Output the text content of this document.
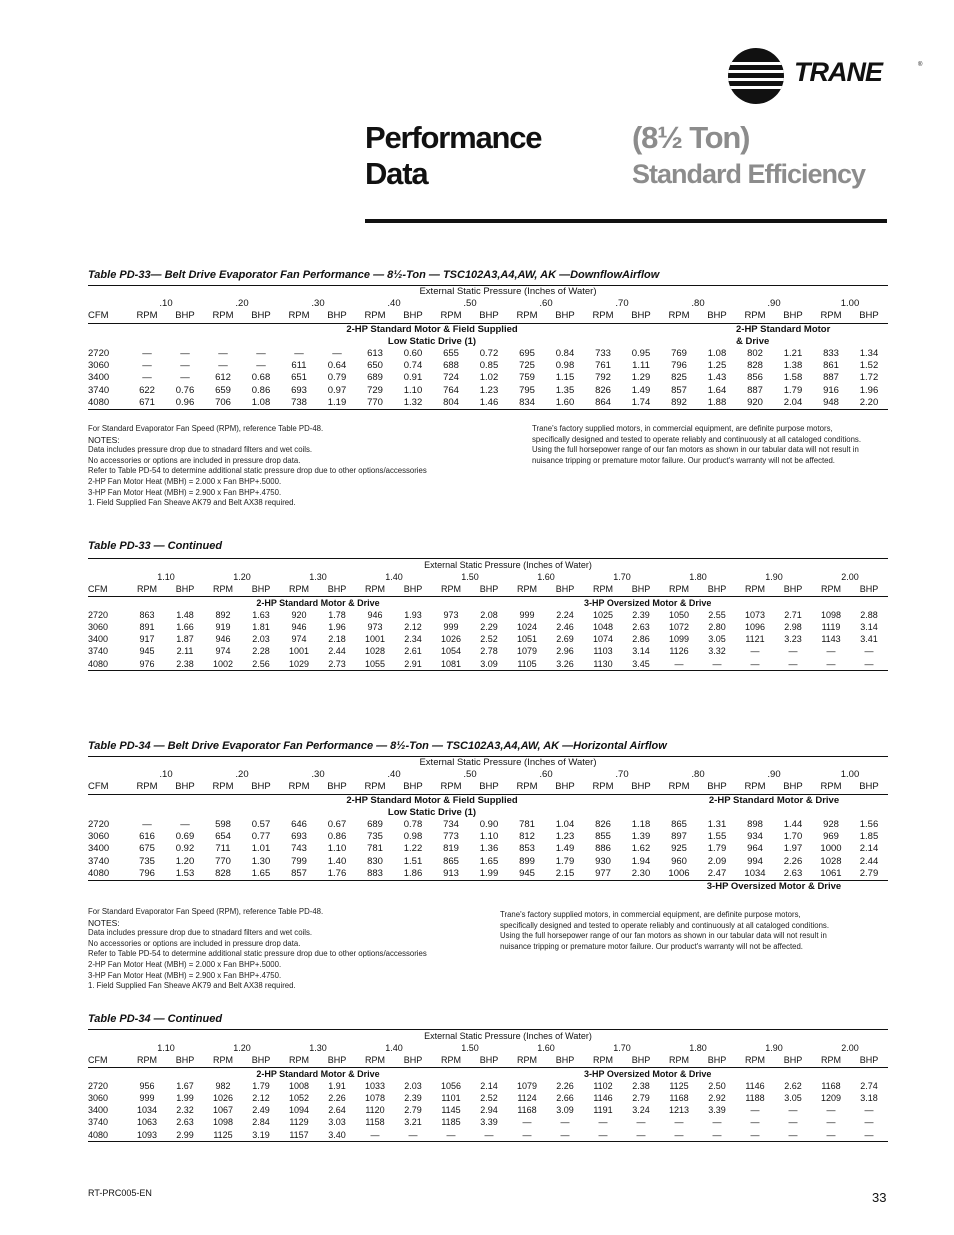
TRANE	®
Performance
Data
(8½ Ton)
Standard Efficiency
Table PD-33— Belt Drive Evaporator Fan Performance — 8½-Ton — TSC102A3,A4,AW, AK —DownflowAirflow
	External Static Pressure (Inches of Water)																			
	.10		.20		.30		.40		.50		.60		.70		.80		.90		1.00	
CFM	RPM	BHP	RPM	BHP	RPM	BHP	RPM	BHP	RPM	BHP	RPM	BHP	RPM	BHP	RPM	BHP	RPM	BHP	RPM	BHP
					2-HP Standard Motor & Field Supplied												2-HP Standard Motor			
					Low Static Drive (1)												& Drive			
2720	—	—	—	—	—	—	613	0.60	655	0.72	695	0.84	733	0.95	769	1.08	802	1.21	833	1.34
3060	—	—	—	—	611	0.64	650	0.74	688	0.85	725	0.98	761	1.11	796	1.25	828	1.38	861	1.52
3400	—	—	612	0.68	651	0.79	689	0.91	724	1.02	759	1.15	792	1.29	825	1.43	856	1.58	887	1.72
3740	622	0.76	659	0.86	693	0.97	729	1.10	764	1.23	795	1.35	826	1.49	857	1.64	887	1.79	916	1.96
4080	671	0.96	706	1.08	738	1.19	770	1.32	804	1.46	834	1.60	864	1.74	892	1.88	920	2.04	948	2.20
For Standard Evaporator Fan Speed (RPM), reference Table PD-48.
NOTES:
Data includes pressure drop due to stnadard filters and wet coils.
No accessories or options are included in pressure drop data.
Refer to Table PD-54 to determine additional static pressure drop due to other options/accessories
2-HP Fan Motor Heat (MBH) = 2.000 x Fan BHP+.5000.
3-HP Fan Motor Heat (MBH) = 2.900 x Fan BHP+.4750.
1. Field Supplied Fan Sheave AK79 and Belt AX38 required.
Trane's factory supplied motors, in commercial equipment, are definite purpose motors, specifically designed and tested to operate reliably and continuously at all cataloged conditions. Using the full horsepower range of our fan motors as shown in our tabular data will not result in nuisance tripping or premature motor failure. Our product's warranty will not be affected.
Table PD-33 — Continued
	External Static Pressure (Inches of Water)																			
	1.10		1.20		1.30		1.40		1.50		1.60		1.70		1.80		1.90		2.00	
CFM	RPM	BHP	RPM	BHP	RPM	BHP	RPM	BHP	RPM	BHP	RPM	BHP	RPM	BHP	RPM	BHP	RPM	BHP	RPM	BHP
	2-HP Standard Motor & Drive												3-HP Oversized Motor & Drive							
2720	863	1.48	892	1.63	920	1.78	946	1.93	973	2.08	999	2.24	1025	2.39	1050	2.55	1073	2.71	1098	2.88
3060	891	1.66	919	1.81	946	1.96	973	2.12	999	2.29	1024	2.46	1048	2.63	1072	2.80	1096	2.98	1119	3.14
3400	917	1.87	946	2.03	974	2.18	1001	2.34	1026	2.52	1051	2.69	1074	2.86	1099	3.05	1121	3.23	1143	3.41
3740	945	2.11	974	2.28	1001	2.44	1028	2.61	1054	2.78	1079	2.96	1103	3.14	1126	3.32	—	—	—	—
4080	976	2.38	1002	2.56	1029	2.73	1055	2.91	1081	3.09	1105	3.26	1130	3.45	—	—	—	—	—	—
Table PD-34 — Belt Drive Evaporator Fan Performance — 8½-Ton — TSC102A3,A4,AW, AK —Horizontal Airflow
	External Static Pressure (Inches of Water)																			
	.10		.20		.30		.40		.50		.60		.70		.80		.90		1.00	
CFM	RPM	BHP	RPM	BHP	RPM	BHP	RPM	BHP	RPM	BHP	RPM	BHP	RPM	BHP	RPM	BHP	RPM	BHP	RPM	BHP
					2-HP Standard Motor & Field Supplied										2-HP Standard Motor & Drive					
					Low Static Drive (1)															
2720	—	—	598	0.57	646	0.67	689	0.78	734	0.90	781	1.04	826	1.18	865	1.31	898	1.44	928	1.56
3060	616	0.69	654	0.77	693	0.86	735	0.98	773	1.10	812	1.23	855	1.39	897	1.55	934	1.70	969	1.85
3400	675	0.92	711	1.01	743	1.10	781	1.22	819	1.36	853	1.49	886	1.62	925	1.79	964	1.97	1000	2.14
3740	735	1.20	770	1.30	799	1.40	830	1.51	865	1.65	899	1.79	930	1.94	960	2.09	994	2.26	1028	2.44
4080	796	1.53	828	1.65	857	1.76	883	1.86	913	1.99	945	2.15	977	2.30	1006	2.47	1034	2.63	1061	2.79
															3-HP Oversized Motor & Drive					
For Standard Evaporator Fan Speed (RPM), reference Table PD-48.
NOTES:
Data includes pressure drop due to stnadard filters and wet coils.
No accessories or options are included in pressure drop data.
Refer to Table PD-54 to determine additional static pressure drop due to other options/accessories
2-HP Fan Motor Heat (MBH) = 2.000 x Fan BHP+.5000.
3-HP Fan Motor Heat (MBH) = 2.900 x Fan BHP+.4750.
1. Field Supplied Fan Sheave AK79 and Belt AX38 required.
Trane's factory supplied motors, in commercial equipment, are definite purpose motors, specifically designed and tested to operate reliably and continuously at all cataloged conditions. Using the full horsepower range of our fan motors as shown in our tabular data will not result in nuisance tripping or premature motor failure. Our product's warranty will not be affected.
Table PD-34 — Continued
	External Static Pressure (Inches of Water)																			
	1.10		1.20		1.30		1.40		1.50		1.60		1.70		1.80		1.90		2.00	
CFM	RPM	BHP	RPM	BHP	RPM	BHP	RPM	BHP	RPM	BHP	RPM	BHP	RPM	BHP	RPM	BHP	RPM	BHP	RPM	BHP
	2-HP Standard Motor & Drive												3-HP Oversized Motor & Drive							
2720	956	1.67	982	1.79	1008	1.91	1033	2.03	1056	2.14	1079	2.26	1102	2.38	1125	2.50	1146	2.62	1168	2.74
3060	999	1.99	1026	2.12	1052	2.26	1078	2.39	1101	2.52	1124	2.66	1146	2.79	1168	2.92	1188	3.05	1209	3.18
3400	1034	2.32	1067	2.49	1094	2.64	1120	2.79	1145	2.94	1168	3.09	1191	3.24	1213	3.39	—	—	—	—
3740	1063	2.63	1098	2.84	1129	3.03	1158	3.21	1185	3.39	—	—	—	—	—	—	—	—	—	—
4080	1093	2.99	1125	3.19	1157	3.40	—	—	—	—	—	—	—	—	—	—	—	—	—	—
RT-PRC005-EN	33
